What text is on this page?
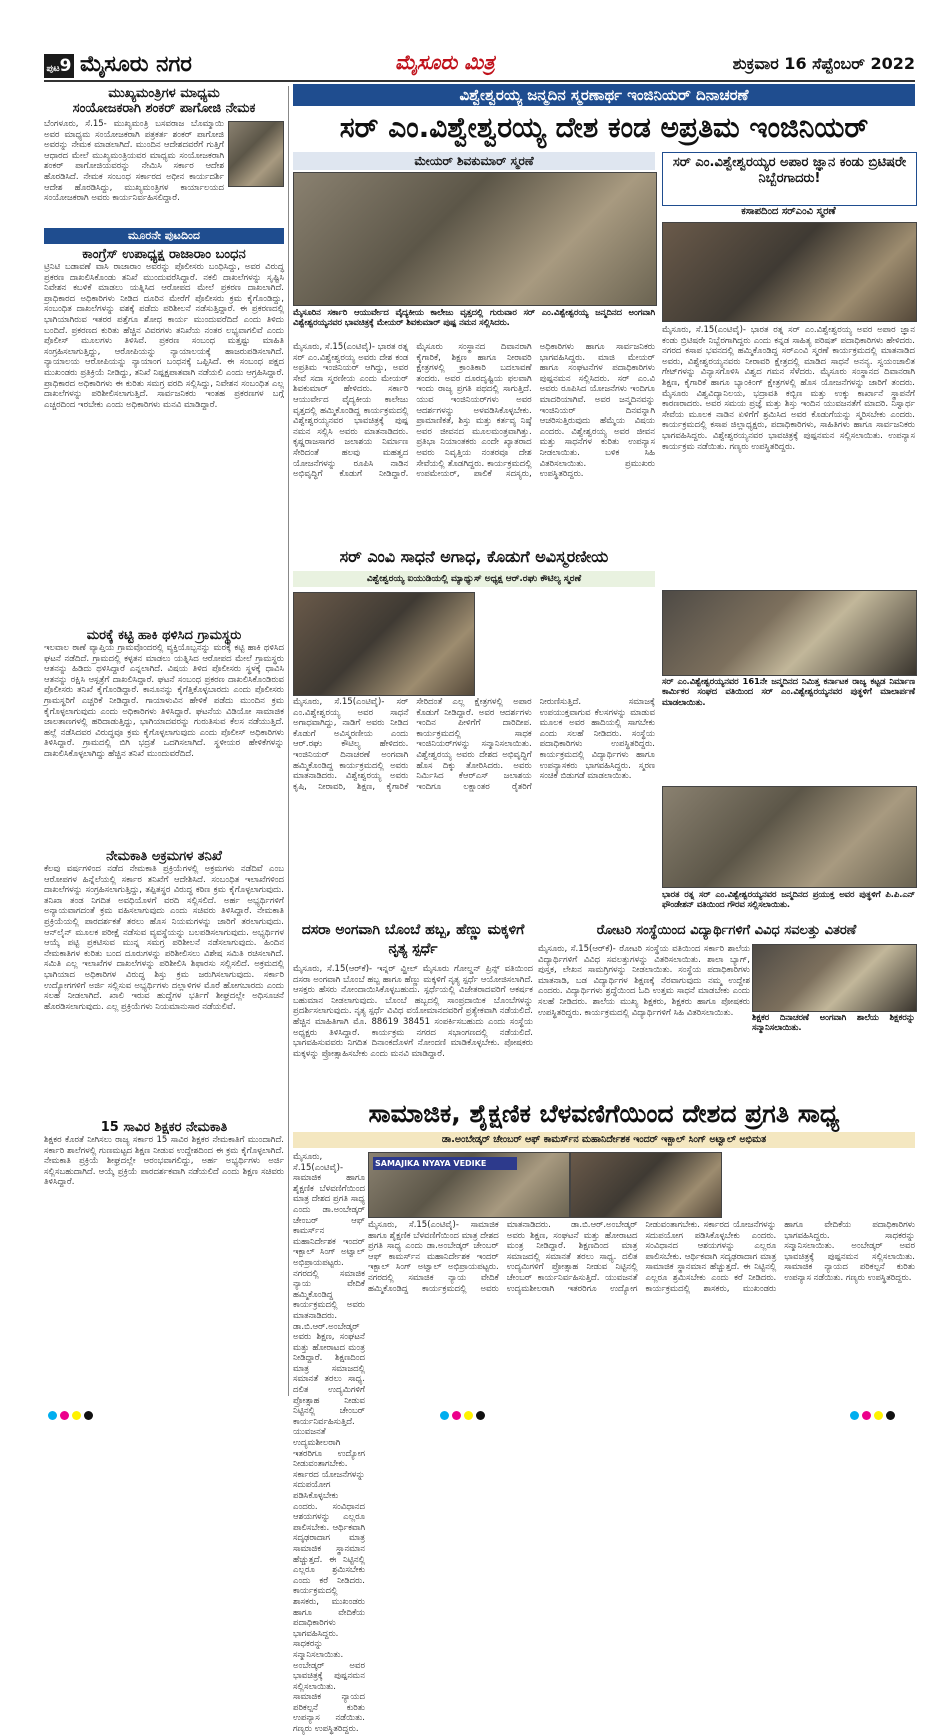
ಪುಟ9 ಮೈಸೂರು ನಗರ	ಮೈಸೂರು ಮಿತ್ರ	ಶುಕ್ರವಾರ 16 ಸೆಪ್ಟೆಂಬರ್ 2022
ಮುಖ್ಯಮಂತ್ರಿಗಳ ಮಾಧ್ಯಮ
ಸಂಯೋಜಕರಾಗಿ ಶಂಕರ್ ಪಾಗೋಜಿ ನೇಮಕ
ಬೆಂಗಳೂರು, ಸೆ.15- ಮುಖ್ಯಮಂತ್ರಿ ಬಸವರಾಜ ಬೊಮ್ಮಾಯಿ ಅವರ ಮಾಧ್ಯಮ ಸಂಯೋಜಕರಾಗಿ ಪತ್ರಕರ್ತ ಶಂಕರ್ ಪಾಗೋಜಿ ಅವರನ್ನು ನೇಮಕ ಮಾಡಲಾಗಿದೆ. ಮುಂದಿನ ಆದೇಶದವರೆಗೆ ಗುತ್ತಿಗೆ ಆಧಾರದ ಮೇಲೆ ಮುಖ್ಯಮಂತ್ರಿಯವರ ಮಾಧ್ಯಮ ಸಂಯೋಜಕರಾಗಿ ಶಂಕರ್ ಪಾಗೋಜಿಯವರನ್ನು ನೇಮಿಸಿ ಸರ್ಕಾರ ಆದೇಶ ಹೊರಡಿಸಿದೆ. ನೇಮಕ ಸಂಬಂಧ ಸರ್ಕಾರದ ಅಧೀನ ಕಾರ್ಯದರ್ಶಿ ಆದೇಶ ಹೊರಡಿಸಿದ್ದು, ಮುಖ್ಯಮಂತ್ರಿಗಳ ಕಾರ್ಯಾಲಯದ ಸಂಯೋಜಕರಾಗಿ ಅವರು ಕಾರ್ಯನಿರ್ವಹಿಸಲಿದ್ದಾರೆ.
ಮೂರನೇ ಪುಟದಿಂದ
ಕಾಂಗ್ರೆಸ್ ಉಪಾಧ್ಯಕ್ಷ ರಾಜಾರಾಂ ಬಂಧನ
ಟ್ರಿನಿಟಿ ಬಡಾವಣೆ ವಾಸಿ ರಾಜಾರಾಂ ಅವರನ್ನು ಪೊಲೀಸರು ಬಂಧಿಸಿದ್ದು, ಅವರ ವಿರುದ್ಧ ಪ್ರಕರಣ ದಾಖಲಿಸಿಕೊಂಡು ತನಿಖೆ ಮುಂದುವರೆಸಿದ್ದಾರೆ. ನಕಲಿ ದಾಖಲೆಗಳನ್ನು ಸೃಷ್ಟಿಸಿ ನಿವೇಶನ ಕಬಳಿಕೆ ಮಾಡಲು ಯತ್ನಿಸಿದ ಆರೋಪದ ಮೇಲೆ ಪ್ರಕರಣ ದಾಖಲಾಗಿದೆ. ಪ್ರಾಧಿಕಾರದ ಅಧಿಕಾರಿಗಳು ನೀಡಿದ ದೂರಿನ ಮೇರೆಗೆ ಪೊಲೀಸರು ಕ್ರಮ ಕೈಗೊಂಡಿದ್ದು, ಸಂಬಂಧಿತ ದಾಖಲೆಗಳನ್ನು ವಶಕ್ಕೆ ಪಡೆದು ಪರಿಶೀಲನೆ ನಡೆಸುತ್ತಿದ್ದಾರೆ. ಈ ಪ್ರಕರಣದಲ್ಲಿ ಭಾಗಿಯಾಗಿರುವ ಇತರರ ಪತ್ತೆಗೂ ಶೋಧ ಕಾರ್ಯ ಮುಂದುವರೆದಿದೆ ಎಂದು ತಿಳಿದು ಬಂದಿದೆ. ಪ್ರಕರಣದ ಕುರಿತು ಹೆಚ್ಚಿನ ವಿವರಗಳು ತನಿಖೆಯ ನಂತರ ಲಭ್ಯವಾಗಲಿವೆ ಎಂದು ಪೊಲೀಸ್ ಮೂಲಗಳು ತಿಳಿಸಿವೆ. ಪ್ರಕರಣ ಸಂಬಂಧ ಮತ್ತಷ್ಟು ಮಾಹಿತಿ ಸಂಗ್ರಹಿಸಲಾಗುತ್ತಿದ್ದು, ಆರೋಪಿಯನ್ನು ನ್ಯಾಯಾಲಯಕ್ಕೆ ಹಾಜರುಪಡಿಸಲಾಗಿದೆ. ನ್ಯಾಯಾಲಯ ಆರೋಪಿಯನ್ನು ನ್ಯಾಯಾಂಗ ಬಂಧನಕ್ಕೆ ಒಪ್ಪಿಸಿದೆ. ಈ ಸಂಬಂಧ ಪಕ್ಷದ ಮುಖಂಡರು ಪ್ರತಿಕ್ರಿಯೆ ನೀಡಿದ್ದು, ತನಿಖೆ ನಿಷ್ಪಕ್ಷಪಾತವಾಗಿ ನಡೆಯಲಿ ಎಂದು ಆಗ್ರಹಿಸಿದ್ದಾರೆ. ಪ್ರಾಧಿಕಾರದ ಅಧಿಕಾರಿಗಳು ಈ ಕುರಿತು ಸಮಗ್ರ ವರದಿ ಸಲ್ಲಿಸಿದ್ದು, ನಿವೇಶನ ಸಂಬಂಧಿತ ಎಲ್ಲ ದಾಖಲೆಗಳನ್ನು ಪರಿಶೀಲಿಸಲಾಗುತ್ತಿದೆ. ಸಾರ್ವಜನಿಕರು ಇಂತಹ ಪ್ರಕರಣಗಳ ಬಗ್ಗೆ ಎಚ್ಚರದಿಂದ ಇರಬೇಕು ಎಂದು ಅಧಿಕಾರಿಗಳು ಮನವಿ ಮಾಡಿದ್ದಾರೆ.
ಮರಕ್ಕೆ ಕಟ್ಟಿ ಹಾಕಿ ಥಳಿಸಿದ ಗ್ರಾಮಸ್ಥರು
ಇಲವಾಲ ಠಾಣೆ ವ್ಯಾಪ್ತಿಯ ಗ್ರಾಮವೊಂದರಲ್ಲಿ ವ್ಯಕ್ತಿಯೊಬ್ಬನನ್ನು ಮರಕ್ಕೆ ಕಟ್ಟಿ ಹಾಕಿ ಥಳಿಸಿದ ಘಟನೆ ನಡೆದಿದೆ. ಗ್ರಾಮದಲ್ಲಿ ಕಳ್ಳತನ ಮಾಡಲು ಯತ್ನಿಸಿದ ಆರೋಪದ ಮೇಲೆ ಗ್ರಾಮಸ್ಥರು ಆತನನ್ನು ಹಿಡಿದು ಥಳಿಸಿದ್ದಾರೆ ಎನ್ನಲಾಗಿದೆ. ವಿಷಯ ತಿಳಿದ ಪೊಲೀಸರು ಸ್ಥಳಕ್ಕೆ ಧಾವಿಸಿ ಆತನನ್ನು ರಕ್ಷಿಸಿ ಆಸ್ಪತ್ರೆಗೆ ದಾಖಲಿಸಿದ್ದಾರೆ. ಘಟನೆ ಸಂಬಂಧ ಪ್ರಕರಣ ದಾಖಲಿಸಿಕೊಂಡಿರುವ ಪೊಲೀಸರು ತನಿಖೆ ಕೈಗೊಂಡಿದ್ದಾರೆ. ಕಾನೂನನ್ನು ಕೈಗೆತ್ತಿಕೊಳ್ಳಬಾರದು ಎಂದು ಪೊಲೀಸರು ಗ್ರಾಮಸ್ಥರಿಗೆ ಎಚ್ಚರಿಕೆ ನೀಡಿದ್ದಾರೆ. ಗಾಯಾಳುವಿನ ಹೇಳಿಕೆ ಪಡೆದು ಮುಂದಿನ ಕ್ರಮ ಕೈಗೊಳ್ಳಲಾಗುವುದು ಎಂದು ಅಧಿಕಾರಿಗಳು ತಿಳಿಸಿದ್ದಾರೆ. ಘಟನೆಯ ವಿಡಿಯೋ ಸಾಮಾಜಿಕ ಜಾಲತಾಣಗಳಲ್ಲಿ ಹರಿದಾಡುತ್ತಿದ್ದು, ಭಾಗಿಯಾದವರನ್ನು ಗುರುತಿಸುವ ಕೆಲಸ ನಡೆಯುತ್ತಿದೆ. ಹಲ್ಲೆ ನಡೆಸಿದವರ ವಿರುದ್ಧವೂ ಕ್ರಮ ಕೈಗೊಳ್ಳಲಾಗುವುದು ಎಂದು ಪೊಲೀಸ್ ಅಧಿಕಾರಿಗಳು ತಿಳಿಸಿದ್ದಾರೆ. ಗ್ರಾಮದಲ್ಲಿ ಬಿಗಿ ಭದ್ರತೆ ಒದಗಿಸಲಾಗಿದೆ. ಸ್ಥಳೀಯರ ಹೇಳಿಕೆಗಳನ್ನು ದಾಖಲಿಸಿಕೊಳ್ಳಲಾಗಿದ್ದು ಹೆಚ್ಚಿನ ತನಿಖೆ ಮುಂದುವರೆದಿದೆ.
ನೇಮಕಾತಿ ಅಕ್ರಮಗಳ ತನಿಖೆ
ಕೆಲವು ವರ್ಷಗಳಿಂದ ನಡೆದ ನೇಮಕಾತಿ ಪ್ರಕ್ರಿಯೆಗಳಲ್ಲಿ ಅಕ್ರಮಗಳು ನಡೆದಿವೆ ಎಂಬ ಆರೋಪಗಳ ಹಿನ್ನೆಲೆಯಲ್ಲಿ ಸರ್ಕಾರ ತನಿಖೆಗೆ ಆದೇಶಿಸಿದೆ. ಸಂಬಂಧಿತ ಇಲಾಖೆಗಳಿಂದ ದಾಖಲೆಗಳನ್ನು ಸಂಗ್ರಹಿಸಲಾಗುತ್ತಿದ್ದು, ತಪ್ಪಿತಸ್ಥರ ವಿರುದ್ಧ ಕಠಿಣ ಕ್ರಮ ಕೈಗೊಳ್ಳಲಾಗುವುದು. ತನಿಖಾ ತಂಡ ನಿಗದಿತ ಅವಧಿಯೊಳಗೆ ವರದಿ ಸಲ್ಲಿಸಲಿದೆ. ಅರ್ಹ ಅಭ್ಯರ್ಥಿಗಳಿಗೆ ಅನ್ಯಾಯವಾಗದಂತೆ ಕ್ರಮ ವಹಿಸಲಾಗುವುದು ಎಂದು ಸಚಿವರು ತಿಳಿಸಿದ್ದಾರೆ. ನೇಮಕಾತಿ ಪ್ರಕ್ರಿಯೆಯಲ್ಲಿ ಪಾರದರ್ಶಕತೆ ತರಲು ಹೊಸ ನಿಯಮಗಳನ್ನು ಜಾರಿಗೆ ತರಲಾಗುವುದು. ಆನ್‌ಲೈನ್ ಮೂಲಕ ಪರೀಕ್ಷೆ ನಡೆಸುವ ವ್ಯವಸ್ಥೆಯನ್ನು ಬಲಪಡಿಸಲಾಗುವುದು. ಅಭ್ಯರ್ಥಿಗಳ ಆಯ್ಕೆ ಪಟ್ಟಿ ಪ್ರಕಟಿಸುವ ಮುನ್ನ ಸಮಗ್ರ ಪರಿಶೀಲನೆ ನಡೆಸಲಾಗುವುದು. ಹಿಂದಿನ ನೇಮಕಾತಿಗಳ ಕುರಿತು ಬಂದ ದೂರುಗಳನ್ನು ಪರಿಶೀಲಿಸಲು ವಿಶೇಷ ಸಮಿತಿ ರಚಿಸಲಾಗಿದೆ. ಸಮಿತಿ ಎಲ್ಲ ಇಲಾಖೆಗಳ ದಾಖಲೆಗಳನ್ನು ಪರಿಶೀಲಿಸಿ ಶಿಫಾರಸು ಸಲ್ಲಿಸಲಿದೆ. ಅಕ್ರಮದಲ್ಲಿ ಭಾಗಿಯಾದ ಅಧಿಕಾರಿಗಳ ವಿರುದ್ಧ ಶಿಸ್ತು ಕ್ರಮ ಜರುಗಿಸಲಾಗುವುದು. ಸರ್ಕಾರಿ ಉದ್ಯೋಗಗಳಿಗೆ ಅರ್ಜಿ ಸಲ್ಲಿಸುವ ಅಭ್ಯರ್ಥಿಗಳು ದಲ್ಲಾಳಿಗಳ ಮೊರೆ ಹೋಗಬಾರದು ಎಂದು ಸಲಹೆ ನೀಡಲಾಗಿದೆ. ಖಾಲಿ ಇರುವ ಹುದ್ದೆಗಳ ಭರ್ತಿಗೆ ಶೀಘ್ರದಲ್ಲೇ ಅಧಿಸೂಚನೆ ಹೊರಡಿಸಲಾಗುವುದು. ಎಲ್ಲ ಪ್ರಕ್ರಿಯೆಗಳು ನಿಯಮಾನುಸಾರ ನಡೆಯಲಿವೆ.
15 ಸಾವಿರ ಶಿಕ್ಷಕರ ನೇಮಕಾತಿ
ಶಿಕ್ಷಕರ ಕೊರತೆ ನೀಗಿಸಲು ರಾಜ್ಯ ಸರ್ಕಾರ 15 ಸಾವಿರ ಶಿಕ್ಷಕರ ನೇಮಕಾತಿಗೆ ಮುಂದಾಗಿದೆ. ಸರ್ಕಾರಿ ಶಾಲೆಗಳಲ್ಲಿ ಗುಣಮಟ್ಟದ ಶಿಕ್ಷಣ ನೀಡುವ ಉದ್ದೇಶದಿಂದ ಈ ಕ್ರಮ ಕೈಗೊಳ್ಳಲಾಗಿದೆ. ನೇಮಕಾತಿ ಪ್ರಕ್ರಿಯೆ ಶೀಘ್ರದಲ್ಲೇ ಆರಂಭವಾಗಲಿದ್ದು, ಅರ್ಹ ಅಭ್ಯರ್ಥಿಗಳು ಅರ್ಜಿ ಸಲ್ಲಿಸಬಹುದಾಗಿದೆ. ಆಯ್ಕೆ ಪ್ರಕ್ರಿಯೆ ಪಾರದರ್ಶಕವಾಗಿ ನಡೆಯಲಿದೆ ಎಂದು ಶಿಕ್ಷಣ ಸಚಿವರು ತಿಳಿಸಿದ್ದಾರೆ.
ವಿಶ್ವೇಶ್ವರಯ್ಯ ಜನ್ಮದಿನ ಸ್ಮರಣಾರ್ಥ ಇಂಜಿನಿಯರ್ ದಿನಾಚರಣೆ
ಸರ್ ಎಂ.ವಿಶ್ವೇಶ್ವರಯ್ಯ ದೇಶ ಕಂಡ ಅಪ್ರತಿಮ ಇಂಜಿನಿಯರ್
ಮೇಯರ್ ಶಿವಕುಮಾರ್ ಸ್ಮರಣೆ
ಮೈಸೂರಿನ ಸರ್ಕಾರಿ ಆಯುರ್ವೇದ ವೈದ್ಯಕೀಯ ಕಾಲೇಜು ವೃತ್ತದಲ್ಲಿ ಗುರುವಾರ ಸರ್ ಎಂ.ವಿಶ್ವೇಶ್ವರಯ್ಯ ಜನ್ಮದಿನದ ಅಂಗವಾಗಿ ವಿಶ್ವೇಶ್ವರಯ್ಯನವರ ಭಾವಚಿತ್ರಕ್ಕೆ ಮೇಯರ್ ಶಿವಕುಮಾರ್ ಪುಷ್ಪ ನಮನ ಸಲ್ಲಿಸಿದರು.
ಮೈಸೂರು, ಸೆ.15(ಎಂಟಿವೈ)- ಭಾರತ ರತ್ನ ಸರ್ ಎಂ.ವಿಶ್ವೇಶ್ವರಯ್ಯ ಅವರು ದೇಶ ಕಂಡ ಅಪ್ರತಿಮ ಇಂಜಿನಿಯರ್ ಆಗಿದ್ದು, ಅವರ ಸೇವೆ ಸದಾ ಸ್ಮರಣೀಯ ಎಂದು ಮೇಯರ್ ಶಿವಕುಮಾರ್ ಹೇಳಿದರು. ಸರ್ಕಾರಿ ಆಯುರ್ವೇದ ವೈದ್ಯಕೀಯ ಕಾಲೇಜು ವೃತ್ತದಲ್ಲಿ ಹಮ್ಮಿಕೊಂಡಿದ್ದ ಕಾರ್ಯಕ್ರಮದಲ್ಲಿ ವಿಶ್ವೇಶ್ವರಯ್ಯನವರ ಭಾವಚಿತ್ರಕ್ಕೆ ಪುಷ್ಪ ನಮನ ಸಲ್ಲಿಸಿ ಅವರು ಮಾತನಾಡಿದರು. ಕೃಷ್ಣರಾಜಸಾಗರ ಜಲಾಶಯ ನಿರ್ಮಾಣ ಸೇರಿದಂತೆ ಹಲವು ಮಹತ್ವದ ಯೋಜನೆಗಳನ್ನು ರೂಪಿಸಿ ನಾಡಿನ ಅಭಿವೃದ್ಧಿಗೆ ಕೊಡುಗೆ ನೀಡಿದ್ದಾರೆ. ಮೈಸೂರು ಸಂಸ್ಥಾನದ ದಿವಾನರಾಗಿ ಕೈಗಾರಿಕೆ, ಶಿಕ್ಷಣ ಹಾಗೂ ನೀರಾವರಿ ಕ್ಷೇತ್ರಗಳಲ್ಲಿ ಕ್ರಾಂತಿಕಾರಿ ಬದಲಾವಣೆ ತಂದರು. ಅವರ ದೂರದೃಷ್ಟಿಯ ಫಲವಾಗಿ ಇಂದು ರಾಜ್ಯ ಪ್ರಗತಿ ಪಥದಲ್ಲಿ ಸಾಗುತ್ತಿದೆ. ಯುವ ಇಂಜಿನಿಯರ್‌ಗಳು ಅವರ ಆದರ್ಶಗಳನ್ನು ಅಳವಡಿಸಿಕೊಳ್ಳಬೇಕು. ಪ್ರಾಮಾಣಿಕತೆ, ಶಿಸ್ತು ಮತ್ತು ಕರ್ತವ್ಯ ನಿಷ್ಠೆ ಅವರ ಜೀವನದ ಮೂಲಮಂತ್ರವಾಗಿತ್ತು. ಪ್ರತಿಭಾ ನಿಯಾಂತಕರು ಎಂದೇ ಖ್ಯಾತರಾದ ಅವರು ನಿವೃತ್ತಿಯ ನಂತರವೂ ದೇಶ ಸೇವೆಯಲ್ಲಿ ತೊಡಗಿದ್ದರು. ಕಾರ್ಯಕ್ರಮದಲ್ಲಿ ಉಪಮೇಯರ್, ಪಾಲಿಕೆ ಸದಸ್ಯರು, ಅಧಿಕಾರಿಗಳು ಹಾಗೂ ಸಾರ್ವಜನಿಕರು ಭಾಗವಹಿಸಿದ್ದರು. ಮಾಜಿ ಮೇಯರ್ ಹಾಗೂ ಸಂಘಟನೆಗಳ ಪದಾಧಿಕಾರಿಗಳು ಪುಷ್ಪನಮನ ಸಲ್ಲಿಸಿದರು. ಸರ್ ಎಂ.ವಿ ಅವರು ರೂಪಿಸಿದ ಯೋಜನೆಗಳು ಇಂದಿಗೂ ಮಾದರಿಯಾಗಿವೆ. ಅವರ ಜನ್ಮದಿನವನ್ನು ಇಂಜಿನಿಯರ್ ದಿನವನ್ನಾಗಿ ಆಚರಿಸುತ್ತಿರುವುದು ಹೆಮ್ಮೆಯ ವಿಷಯ ಎಂದರು. ವಿಶ್ವೇಶ್ವರಯ್ಯ ಅವರ ಜೀವನ ಮತ್ತು ಸಾಧನೆಗಳ ಕುರಿತು ಉಪನ್ಯಾಸ ನೀಡಲಾಯಿತು. ಬಳಿಕ ಸಿಹಿ ವಿತರಿಸಲಾಯಿತು. ಪ್ರಮುಖರು ಉಪಸ್ಥಿತರಿದ್ದರು.
ಸರ್ ಎಂ.ವಿಶ್ವೇಶ್ವರಯ್ಯರ ಅಪಾರ ಜ್ಞಾನ ಕಂಡು ಬ್ರಿಟಿಷರೇ ನಿಬ್ಬೆರಗಾದರು!
ಕಸಾಪದಿಂದ ಸರ್‌ಎಂವಿ ಸ್ಮರಣೆ
ಮೈಸೂರು, ಸೆ.15(ಎಂಟಿವೈ)- ಭಾರತ ರತ್ನ ಸರ್ ಎಂ.ವಿಶ್ವೇಶ್ವರಯ್ಯ ಅವರ ಅಪಾರ ಜ್ಞಾನ ಕಂಡು ಬ್ರಿಟಿಷರೇ ನಿಬ್ಬೆರಗಾಗಿದ್ದರು ಎಂದು ಕನ್ನಡ ಸಾಹಿತ್ಯ ಪರಿಷತ್ ಪದಾಧಿಕಾರಿಗಳು ಹೇಳಿದರು. ನಗರದ ಕಸಾಪ ಭವನದಲ್ಲಿ ಹಮ್ಮಿಕೊಂಡಿದ್ದ ಸರ್‌ಎಂವಿ ಸ್ಮರಣೆ ಕಾರ್ಯಕ್ರಮದಲ್ಲಿ ಮಾತನಾಡಿದ ಅವರು, ವಿಶ್ವೇಶ್ವರಯ್ಯನವರು ನೀರಾವರಿ ಕ್ಷೇತ್ರದಲ್ಲಿ ಮಾಡಿದ ಸಾಧನೆ ಅನನ್ಯ. ಸ್ವಯಂಚಾಲಿತ ಗೇಟ್‌ಗಳನ್ನು ವಿನ್ಯಾಸಗೊಳಿಸಿ ವಿಶ್ವದ ಗಮನ ಸೆಳೆದರು. ಮೈಸೂರು ಸಂಸ್ಥಾನದ ದಿವಾನರಾಗಿ ಶಿಕ್ಷಣ, ಕೈಗಾರಿಕೆ ಹಾಗೂ ಬ್ಯಾಂಕಿಂಗ್ ಕ್ಷೇತ್ರಗಳಲ್ಲಿ ಹೊಸ ಯೋಜನೆಗಳನ್ನು ಜಾರಿಗೆ ತಂದರು. ಮೈಸೂರು ವಿಶ್ವವಿದ್ಯಾನಿಲಯ, ಭದ್ರಾವತಿ ಕಬ್ಬಿಣ ಮತ್ತು ಉಕ್ಕು ಕಾರ್ಖಾನೆ ಸ್ಥಾಪನೆಗೆ ಕಾರಣರಾದರು. ಅವರ ಸಮಯ ಪ್ರಜ್ಞೆ ಮತ್ತು ಶಿಸ್ತು ಇಂದಿನ ಯುವಜನತೆಗೆ ಮಾದರಿ. ನಿಸ್ವಾರ್ಥ ಸೇವೆಯ ಮೂಲಕ ನಾಡಿನ ಏಳಿಗೆಗೆ ಶ್ರಮಿಸಿದ ಅವರ ಕೊಡುಗೆಯನ್ನು ಸ್ಮರಿಸಬೇಕು ಎಂದರು. ಕಾರ್ಯಕ್ರಮದಲ್ಲಿ ಕಸಾಪ ಜಿಲ್ಲಾಧ್ಯಕ್ಷರು, ಪದಾಧಿಕಾರಿಗಳು, ಸಾಹಿತಿಗಳು ಹಾಗೂ ಸಾರ್ವಜನಿಕರು ಭಾಗವಹಿಸಿದ್ದರು. ವಿಶ್ವೇಶ್ವರಯ್ಯನವರ ಭಾವಚಿತ್ರಕ್ಕೆ ಪುಷ್ಪನಮನ ಸಲ್ಲಿಸಲಾಯಿತು. ಉಪನ್ಯಾಸ ಕಾರ್ಯಕ್ರಮ ನಡೆಯಿತು. ಗಣ್ಯರು ಉಪಸ್ಥಿತರಿದ್ದರು.
ಸರ್ ಎಂ.ವಿಶ್ವೇಶ್ವರಯ್ಯನವರ 161ನೇ ಜನ್ಮದಿನದ ನಿಮಿತ್ತ ಕರ್ನಾಟಕ ರಾಜ್ಯ ಕಟ್ಟಡ ನಿರ್ಮಾಣ ಕಾರ್ಮಿಕರ ಸಂಘದ ವತಿಯಿಂದ ಸರ್ ಎಂ.ವಿಶ್ವೇಶ್ವರಯ್ಯನವರ ಪುತ್ಥಳಿಗೆ ಮಾಲಾರ್ಪಣೆ ಮಾಡಲಾಯಿತು.
ಭಾರತ ರತ್ನ ಸರ್ ಎಂ.ವಿಶ್ವೇಶ್ವರಯ್ಯನವರ ಜನ್ಮದಿನದ ಪ್ರಯುಕ್ತ ಅವರ ಪುತ್ಥಳಿಗೆ ಪಿ.ಪಿ.ಎನ್ ಫೌಂಡೇಶನ್ ವತಿಯಿಂದ ಗೌರವ ಸಲ್ಲಿಸಲಾಯಿತು.
ಸರ್ ಎಂವಿ ಸಾಧನೆ ಅಗಾಧ, ಕೊಡುಗೆ ಅವಿಸ್ಮರಣೀಯ
ವಿಶ್ವೇಶ್ವರಯ್ಯ ಐಯುಡಿಯಲ್ಲಿ ಮ್ಯಾಥ್ಯುಸ್ ಅಧ್ಯಕ್ಷ ಆರ್.ರಘು ಕೌಟಿಲ್ಯ ಸ್ಮರಣೆ
ಮೈಸೂರು, ಸೆ.15(ಎಂಟಿವೈ)- ಸರ್ ಎಂ.ವಿಶ್ವೇಶ್ವರಯ್ಯ ಅವರ ಸಾಧನೆ ಅಗಾಧವಾಗಿದ್ದು, ನಾಡಿಗೆ ಅವರು ನೀಡಿದ ಕೊಡುಗೆ ಅವಿಸ್ಮರಣೀಯ ಎಂದು ಆರ್.ರಘು ಕೌಟಿಲ್ಯ ಹೇಳಿದರು. ಇಂಜಿನಿಯರ್ ದಿನಾಚರಣೆ ಅಂಗವಾಗಿ ಹಮ್ಮಿಕೊಂಡಿದ್ದ ಕಾರ್ಯಕ್ರಮದಲ್ಲಿ ಅವರು ಮಾತನಾಡಿದರು. ವಿಶ್ವೇಶ್ವರಯ್ಯ ಅವರು ಕೃಷಿ, ನೀರಾವರಿ, ಶಿಕ್ಷಣ, ಕೈಗಾರಿಕೆ ಸೇರಿದಂತೆ ಎಲ್ಲ ಕ್ಷೇತ್ರಗಳಲ್ಲಿ ಅಪಾರ ಕೊಡುಗೆ ನೀಡಿದ್ದಾರೆ. ಅವರ ಆದರ್ಶಗಳು ಇಂದಿನ ಪೀಳಿಗೆಗೆ ದಾರಿದೀಪ. ಕಾರ್ಯಕ್ರಮದಲ್ಲಿ ಸಾಧಕ ಇಂಜಿನಿಯರ್‌ಗಳನ್ನು ಸನ್ಮಾನಿಸಲಾಯಿತು. ವಿಶ್ವೇಶ್ವರಯ್ಯ ಅವರು ದೇಶದ ಅಭಿವೃದ್ಧಿಗೆ ಹೊಸ ದಿಕ್ಕು ತೋರಿಸಿದರು. ಅವರು ನಿರ್ಮಿಸಿದ ಕೆಆರ್‌ಎಸ್ ಜಲಾಶಯ ಇಂದಿಗೂ ಲಕ್ಷಾಂತರ ರೈತರಿಗೆ ನೀರುಣಿಸುತ್ತಿದೆ. ಸಮಾಜಕ್ಕೆ ಉಪಯುಕ್ತವಾಗುವ ಕೆಲಸಗಳನ್ನು ಮಾಡುವ ಮೂಲಕ ಅವರ ಹಾದಿಯಲ್ಲಿ ಸಾಗಬೇಕು ಎಂದು ಸಲಹೆ ನೀಡಿದರು. ಸಂಸ್ಥೆಯ ಪದಾಧಿಕಾರಿಗಳು ಉಪಸ್ಥಿತರಿದ್ದರು. ಕಾರ್ಯಕ್ರಮದಲ್ಲಿ ವಿದ್ಯಾರ್ಥಿಗಳು ಹಾಗೂ ಉಪನ್ಯಾಸಕರು ಭಾಗವಹಿಸಿದ್ದರು. ಸ್ಮರಣ ಸಂಚಿಕೆ ಬಿಡುಗಡೆ ಮಾಡಲಾಯಿತು.
ದಸರಾ ಅಂಗವಾಗಿ ಬೊಂಬೆ ಹಬ್ಬ, ಹೆಣ್ಣು ಮಕ್ಕಳಿಗೆ ನೃತ್ಯ ಸ್ಪರ್ಧೆ
ಮೈಸೂರು, ಸೆ.15(ಆರ್‌ಕೆ)- ಇನ್ನರ್ ವ್ಹೀಲ್ ಮೈಸೂರು ಗೋಲ್ಡನ್ ಪ್ರಿನ್ಸ್ ವತಿಯಿಂದ ದಸರಾ ಅಂಗವಾಗಿ ಬೊಂಬೆ ಹಬ್ಬ ಹಾಗೂ ಹೆಣ್ಣು ಮಕ್ಕಳಿಗೆ ನೃತ್ಯ ಸ್ಪರ್ಧೆ ಆಯೋಜಿಸಲಾಗಿದೆ. ಆಸಕ್ತರು ಹೆಸರು ನೋಂದಾಯಿಸಿಕೊಳ್ಳಬಹುದು. ಸ್ಪರ್ಧೆಯಲ್ಲಿ ವಿಜೇತರಾದವರಿಗೆ ಆಕರ್ಷಕ ಬಹುಮಾನ ನೀಡಲಾಗುವುದು. ಬೊಂಬೆ ಹಬ್ಬದಲ್ಲಿ ಸಾಂಪ್ರದಾಯಿಕ ಬೊಂಬೆಗಳನ್ನು ಪ್ರದರ್ಶಿಸಲಾಗುವುದು. ನೃತ್ಯ ಸ್ಪರ್ಧೆ ವಿವಿಧ ವಯೋಮಾನದವರಿಗೆ ಪ್ರತ್ಯೇಕವಾಗಿ ನಡೆಯಲಿದೆ. ಹೆಚ್ಚಿನ ಮಾಹಿತಿಗಾಗಿ ಮೊ. 88619 38451 ಸಂಪರ್ಕಿಸಬಹುದು ಎಂದು ಸಂಸ್ಥೆಯ ಅಧ್ಯಕ್ಷರು ತಿಳಿಸಿದ್ದಾರೆ. ಕಾರ್ಯಕ್ರಮ ನಗರದ ಸಭಾಂಗಣದಲ್ಲಿ ನಡೆಯಲಿದೆ. ಭಾಗವಹಿಸುವವರು ನಿಗದಿತ ದಿನಾಂಕದೊಳಗೆ ನೋಂದಣಿ ಮಾಡಿಕೊಳ್ಳಬೇಕು. ಪೋಷಕರು ಮಕ್ಕಳನ್ನು ಪ್ರೋತ್ಸಾಹಿಸಬೇಕು ಎಂದು ಮನವಿ ಮಾಡಿದ್ದಾರೆ.
ರೋಟರಿ ಸಂಸ್ಥೆಯಿಂದ ವಿದ್ಯಾರ್ಥಿಗಳಿಗೆ ವಿವಿಧ ಸವಲತ್ತು ವಿತರಣೆ
ಮೈಸೂರು, ಸೆ.15(ಆರ್‌ಕೆ)- ರೋಟರಿ ಸಂಸ್ಥೆಯ ವತಿಯಿಂದ ಸರ್ಕಾರಿ ಶಾಲೆಯ ವಿದ್ಯಾರ್ಥಿಗಳಿಗೆ ವಿವಿಧ ಸವಲತ್ತುಗಳನ್ನು ವಿತರಿಸಲಾಯಿತು. ಶಾಲಾ ಬ್ಯಾಗ್, ಪುಸ್ತಕ, ಲೇಖನ ಸಾಮಗ್ರಿಗಳನ್ನು ನೀಡಲಾಯಿತು. ಸಂಸ್ಥೆಯ ಪದಾಧಿಕಾರಿಗಳು ಮಾತನಾಡಿ, ಬಡ ವಿದ್ಯಾರ್ಥಿಗಳ ಶಿಕ್ಷಣಕ್ಕೆ ನೆರವಾಗುವುದು ನಮ್ಮ ಉದ್ದೇಶ ಎಂದರು. ವಿದ್ಯಾರ್ಥಿಗಳು ಶ್ರದ್ಧೆಯಿಂದ ಓದಿ ಉತ್ತಮ ಸಾಧನೆ ಮಾಡಬೇಕು ಎಂದು ಸಲಹೆ ನೀಡಿದರು. ಶಾಲೆಯ ಮುಖ್ಯ ಶಿಕ್ಷಕರು, ಶಿಕ್ಷಕರು ಹಾಗೂ ಪೋಷಕರು ಉಪಸ್ಥಿತರಿದ್ದರು. ಕಾರ್ಯಕ್ರಮದಲ್ಲಿ ವಿದ್ಯಾರ್ಥಿಗಳಿಗೆ ಸಿಹಿ ವಿತರಿಸಲಾಯಿತು.	ಶಿಕ್ಷಕರ ದಿನಾಚರಣೆ ಅಂಗವಾಗಿ ಶಾಲೆಯ ಶಿಕ್ಷಕರನ್ನು ಸನ್ಮಾನಿಸಲಾಯಿತು.
ಸಾಮಾಜಿಕ, ಶೈಕ್ಷಣಿಕ ಬೆಳವಣಿಗೆಯಿಂದ ದೇಶದ ಪ್ರಗತಿ ಸಾಧ್ಯ
ಡಾ.ಅಂಬೇಡ್ಕರ್ ಚೇಂಬರ್ ಆಫ್ ಕಾಮರ್ಸ್‌ನ ಮಹಾನಿರ್ದೇಶಕ ಇಂದರ್ ಇಕ್ಬಾಲ್ ಸಿಂಗ್ ಅಟ್ವಾಲ್ ಅಭಿಮತ
SAMAJIKA NYAYA VEDIKE
ಮೈಸೂರು, ಸೆ.15(ಎಂಟಿವೈ)- ಸಾಮಾಜಿಕ ಹಾಗೂ ಶೈಕ್ಷಣಿಕ ಬೆಳವಣಿಗೆಯಿಂದ ಮಾತ್ರ ದೇಶದ ಪ್ರಗತಿ ಸಾಧ್ಯ ಎಂದು ಡಾ.ಅಂಬೇಡ್ಕರ್ ಚೇಂಬರ್ ಆಫ್ ಕಾಮರ್ಸ್‌ನ ಮಹಾನಿರ್ದೇಶಕ ಇಂದರ್ ಇಕ್ಬಾಲ್ ಸಿಂಗ್ ಅಟ್ವಾಲ್ ಅಭಿಪ್ರಾಯಪಟ್ಟರು. ನಗರದಲ್ಲಿ ಸಮಾಜಿಕ ನ್ಯಾಯ ವೇದಿಕೆ ಹಮ್ಮಿಕೊಂಡಿದ್ದ ಕಾರ್ಯಕ್ರಮದಲ್ಲಿ ಅವರು ಮಾತನಾಡಿದರು. ಡಾ.ಬಿ.ಆರ್.ಅಂಬೇಡ್ಕರ್ ಅವರು ಶಿಕ್ಷಣ, ಸಂಘಟನೆ ಮತ್ತು ಹೋರಾಟದ ಮಂತ್ರ ನೀಡಿದ್ದಾರೆ. ಶಿಕ್ಷಣದಿಂದ ಮಾತ್ರ ಸಮಾಜದಲ್ಲಿ ಸಮಾನತೆ ತರಲು ಸಾಧ್ಯ. ದಲಿತ ಉದ್ಯಮಿಗಳಿಗೆ ಪ್ರೋತ್ಸಾಹ ನೀಡುವ ನಿಟ್ಟಿನಲ್ಲಿ ಚೇಂಬರ್ ಕಾರ್ಯನಿರ್ವಹಿಸುತ್ತಿದೆ. ಯುವಜನತೆ ಉದ್ಯಮಶೀಲರಾಗಿ ಇತರರಿಗೂ ಉದ್ಯೋಗ ನೀಡುವಂತಾಗಬೇಕು. ಸರ್ಕಾರದ ಯೋಜನೆಗಳನ್ನು ಸದುಪಯೋಗ ಪಡಿಸಿಕೊಳ್ಳಬೇಕು ಎಂದರು. ಸಂವಿಧಾನದ ಆಶಯಗಳನ್ನು ಎಲ್ಲರೂ ಪಾಲಿಸಬೇಕು. ಆರ್ಥಿಕವಾಗಿ ಸದೃಢರಾದಾಗ ಮಾತ್ರ ಸಾಮಾಜಿಕ ಸ್ಥಾನಮಾನ ಹೆಚ್ಚುತ್ತದೆ. ಈ ನಿಟ್ಟಿನಲ್ಲಿ ಎಲ್ಲರೂ ಶ್ರಮಿಸಬೇಕು ಎಂದು ಕರೆ ನೀಡಿದರು. ಕಾರ್ಯಕ್ರಮದಲ್ಲಿ ಶಾಸಕರು, ಮುಖಂಡರು ಹಾಗೂ ವೇದಿಕೆಯ ಪದಾಧಿಕಾರಿಗಳು ಭಾಗವಹಿಸಿದ್ದರು. ಸಾಧಕರನ್ನು ಸನ್ಮಾನಿಸಲಾಯಿತು. ಅಂಬೇಡ್ಕರ್ ಅವರ ಭಾವಚಿತ್ರಕ್ಕೆ ಪುಷ್ಪನಮನ ಸಲ್ಲಿಸಲಾಯಿತು. ಸಾಮಾಜಿಕ ನ್ಯಾಯದ ಪರಿಕಲ್ಪನೆ ಕುರಿತು ಉಪನ್ಯಾಸ ನಡೆಯಿತು. ಗಣ್ಯರು ಉಪಸ್ಥಿತರಿದ್ದರು.
ಮೈಸೂರು, ಸೆ.15(ಎಂಟಿವೈ)- ಸಾಮಾಜಿಕ ಹಾಗೂ ಶೈಕ್ಷಣಿಕ ಬೆಳವಣಿಗೆಯಿಂದ ಮಾತ್ರ ದೇಶದ ಪ್ರಗತಿ ಸಾಧ್ಯ ಎಂದು ಡಾ.ಅಂಬೇಡ್ಕರ್ ಚೇಂಬರ್ ಆಫ್ ಕಾಮರ್ಸ್‌ನ ಮಹಾನಿರ್ದೇಶಕ ಇಂದರ್ ಇಕ್ಬಾಲ್ ಸಿಂಗ್ ಅಟ್ವಾಲ್ ಅಭಿಪ್ರಾಯಪಟ್ಟರು. ನಗರದಲ್ಲಿ ಸಮಾಜಿಕ ನ್ಯಾಯ ವೇದಿಕೆ ಹಮ್ಮಿಕೊಂಡಿದ್ದ ಕಾರ್ಯಕ್ರಮದಲ್ಲಿ ಅವರು ಮಾತನಾಡಿದರು. ಡಾ.ಬಿ.ಆರ್.ಅಂಬೇಡ್ಕರ್ ಅವರು ಶಿಕ್ಷಣ, ಸಂಘಟನೆ ಮತ್ತು ಹೋರಾಟದ ಮಂತ್ರ ನೀಡಿದ್ದಾರೆ. ಶಿಕ್ಷಣದಿಂದ ಮಾತ್ರ ಸಮಾಜದಲ್ಲಿ ಸಮಾನತೆ ತರಲು ಸಾಧ್ಯ. ದಲಿತ ಉದ್ಯಮಿಗಳಿಗೆ ಪ್ರೋತ್ಸಾಹ ನೀಡುವ ನಿಟ್ಟಿನಲ್ಲಿ ಚೇಂಬರ್ ಕಾರ್ಯನಿರ್ವಹಿಸುತ್ತಿದೆ. ಯುವಜನತೆ ಉದ್ಯಮಶೀಲರಾಗಿ ಇತರರಿಗೂ ಉದ್ಯೋಗ ನೀಡುವಂತಾಗಬೇಕು. ಸರ್ಕಾರದ ಯೋಜನೆಗಳನ್ನು ಸದುಪಯೋಗ ಪಡಿಸಿಕೊಳ್ಳಬೇಕು ಎಂದರು. ಸಂವಿಧಾನದ ಆಶಯಗಳನ್ನು ಎಲ್ಲರೂ ಪಾಲಿಸಬೇಕು. ಆರ್ಥಿಕವಾಗಿ ಸದೃಢರಾದಾಗ ಮಾತ್ರ ಸಾಮಾಜಿಕ ಸ್ಥಾನಮಾನ ಹೆಚ್ಚುತ್ತದೆ. ಈ ನಿಟ್ಟಿನಲ್ಲಿ ಎಲ್ಲರೂ ಶ್ರಮಿಸಬೇಕು ಎಂದು ಕರೆ ನೀಡಿದರು. ಕಾರ್ಯಕ್ರಮದಲ್ಲಿ ಶಾಸಕರು, ಮುಖಂಡರು ಹಾಗೂ ವೇದಿಕೆಯ ಪದಾಧಿಕಾರಿಗಳು ಭಾಗವಹಿಸಿದ್ದರು. ಸಾಧಕರನ್ನು ಸನ್ಮಾನಿಸಲಾಯಿತು. ಅಂಬೇಡ್ಕರ್ ಅವರ ಭಾವಚಿತ್ರಕ್ಕೆ ಪುಷ್ಪನಮನ ಸಲ್ಲಿಸಲಾಯಿತು. ಸಾಮಾಜಿಕ ನ್ಯಾಯದ ಪರಿಕಲ್ಪನೆ ಕುರಿತು ಉಪನ್ಯಾಸ ನಡೆಯಿತು. ಗಣ್ಯರು ಉಪಸ್ಥಿತರಿದ್ದರು.
